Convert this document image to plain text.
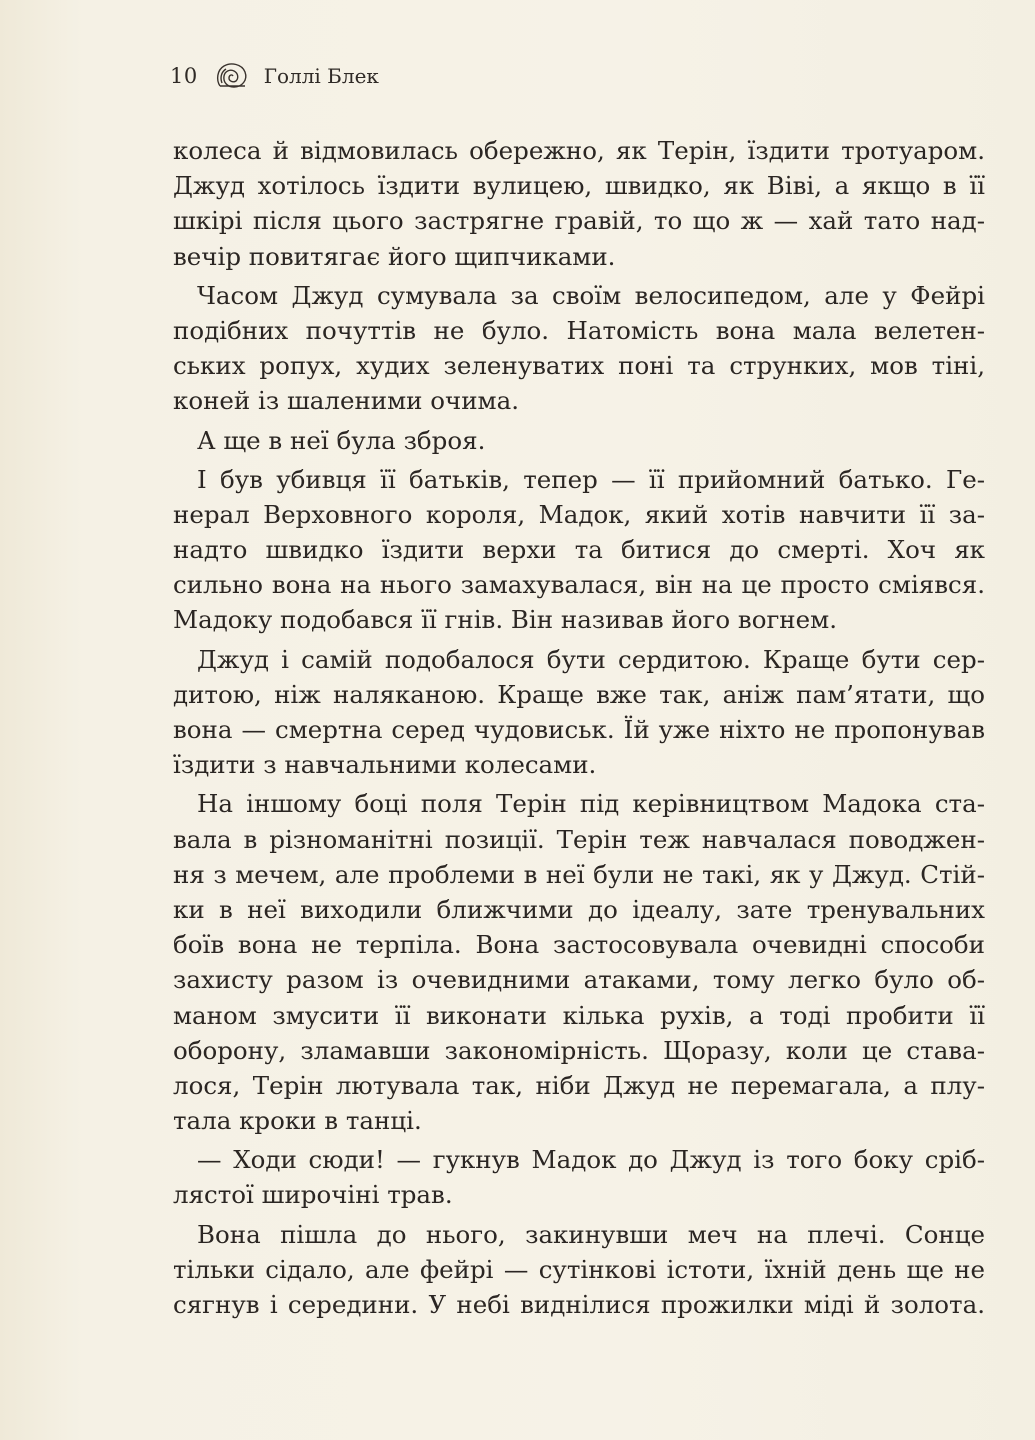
10	Голлі Блек
колеса й відмовилась обережно, як Терін, їздити тротуаром.
Джуд хотілось їздити вулицею, швидко, як Віві, а якщо в її
шкірі після цього застрягне гравій, то що ж — хай тато над-
вечір повитягає його щипчиками.
Часом Джуд сумувала за своїм велосипедом, але у Фейрі
подібних почуттів не було. Натомість вона мала велетен-
ських ропух, худих зеленуватих поні та струнких, мов тіні,
коней із шаленими очима.
А ще в неї була зброя.
І був убивця її батьків, тепер — її прийомний батько. Ге-
нерал Верховного короля, Мадок, який хотів навчити її за-
надто швидко їздити верхи та битися до смерті. Хоч як
сильно вона на нього замахувалася, він на це просто сміявся.
Мадоку подобався її гнів. Він називав його вогнем.
Джуд і самій подобалося бути сердитою. Краще бути сер-
дитою, ніж наляканою. Краще вже так, аніж пам’ятати, що
вона — смертна серед чудовиськ. Їй уже ніхто не пропонував
їздити з навчальними колесами.
На іншому боці поля Терін під керівництвом Мадока ста-
вала в різноманітні позиції. Терін теж навчалася поводжен-
ня з мечем, але проблеми в неї були не такі, як у Джуд. Стій-
ки в неї виходили ближчими до ідеалу, зате тренувальних
боїв вона не терпіла. Вона застосовувала очевидні способи
захисту разом із очевидними атаками, тому легко було об-
маном змусити її виконати кілька рухів, а тоді пробити її
оборону, зламавши закономірність. Щоразу, коли це става-
лося, Терін лютувала так, ніби Джуд не перемагала, а плу-
тала кроки в танці.
— Ходи сюди! — гукнув Мадок до Джуд із того боку сріб-
лястої широчіні трав.
Вона пішла до нього, закинувши меч на плечі. Сонце
тільки сідало, але фейрі — сутінкові істоти, їхній день ще не
сягнув і середини. У небі виднілися прожилки міді й золота.
